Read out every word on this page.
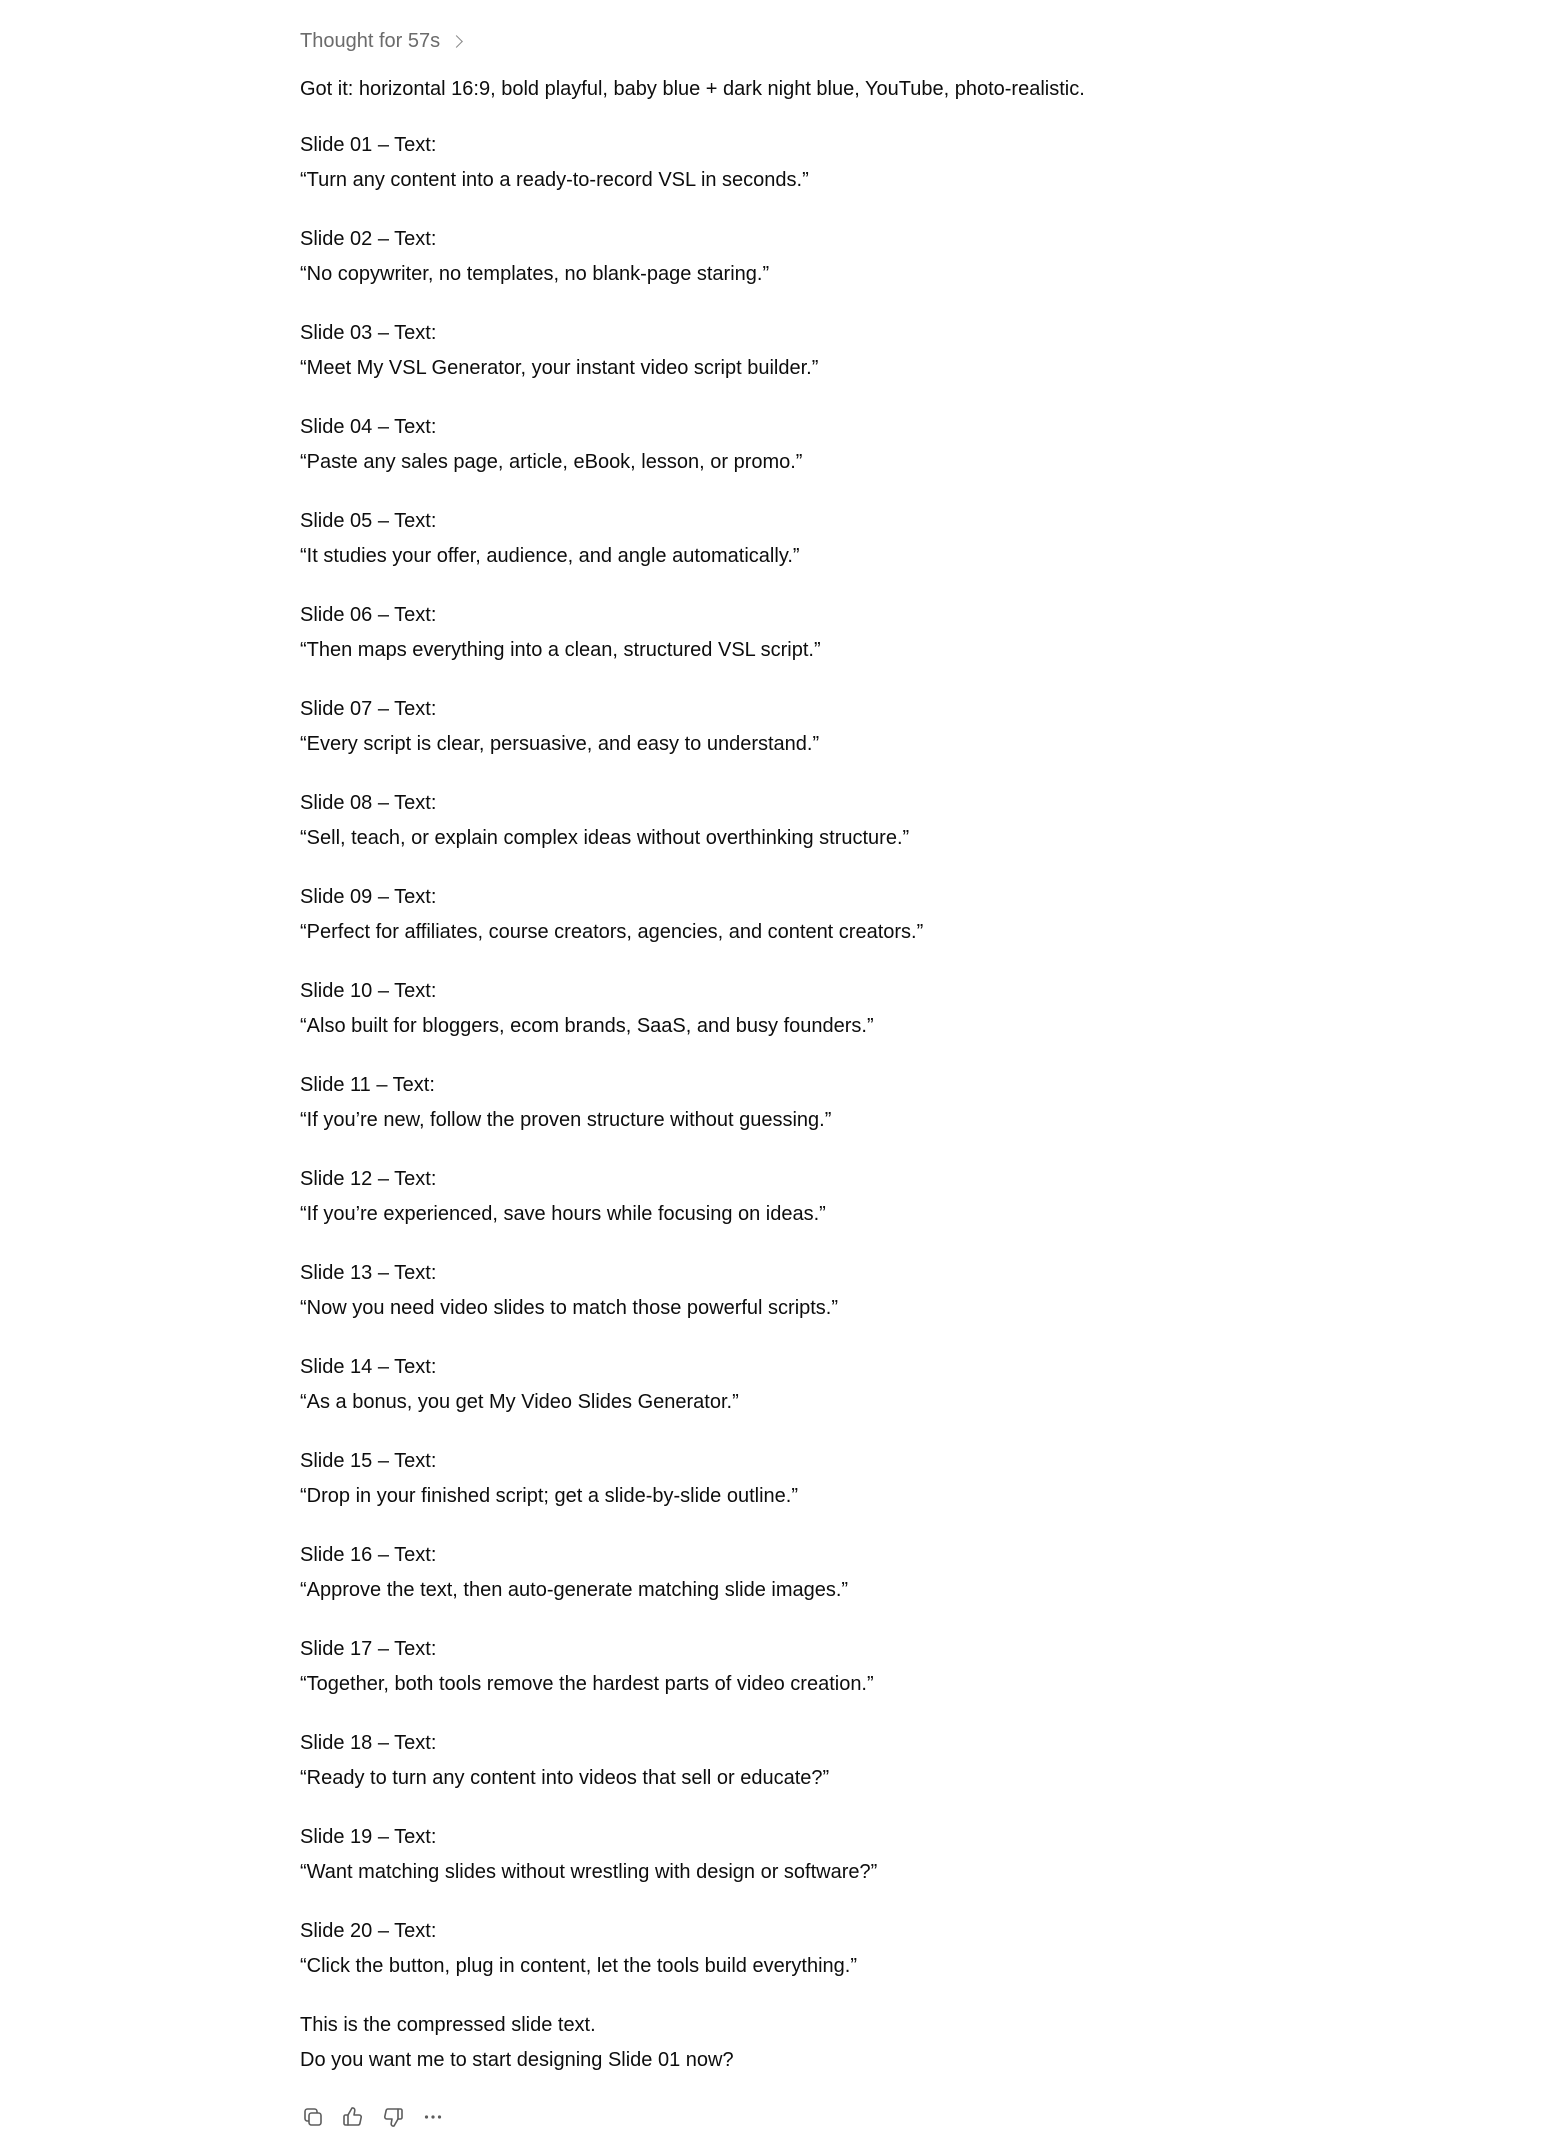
Thought for 57s
Got it: horizontal 16:9, bold playful, baby blue + dark night blue, YouTube, photo-realistic.
Slide 01 – Text:
“Turn any content into a ready-to-record VSL in seconds.”
Slide 02 – Text:
“No copywriter, no templates, no blank-page staring.”
Slide 03 – Text:
“Meet My VSL Generator, your instant video script builder.”
Slide 04 – Text:
“Paste any sales page, article, eBook, lesson, or promo.”
Slide 05 – Text:
“It studies your offer, audience, and angle automatically.”
Slide 06 – Text:
“Then maps everything into a clean, structured VSL script.”
Slide 07 – Text:
“Every script is clear, persuasive, and easy to understand.”
Slide 08 – Text:
“Sell, teach, or explain complex ideas without overthinking structure.”
Slide 09 – Text:
“Perfect for affiliates, course creators, agencies, and content creators.”
Slide 10 – Text:
“Also built for bloggers, ecom brands, SaaS, and busy founders.”
Slide 11 – Text:
“If you’re new, follow the proven structure without guessing.”
Slide 12 – Text:
“If you’re experienced, save hours while focusing on ideas.”
Slide 13 – Text:
“Now you need video slides to match those powerful scripts.”
Slide 14 – Text:
“As a bonus, you get My Video Slides Generator.”
Slide 15 – Text:
“Drop in your finished script; get a slide-by-slide outline.”
Slide 16 – Text:
“Approve the text, then auto-generate matching slide images.”
Slide 17 – Text:
“Together, both tools remove the hardest parts of video creation.”
Slide 18 – Text:
“Ready to turn any content into videos that sell or educate?”
Slide 19 – Text:
“Want matching slides without wrestling with design or software?”
Slide 20 – Text:
“Click the button, plug in content, let the tools build everything.”
This is the compressed slide text.
Do you want me to start designing Slide 01 now?
